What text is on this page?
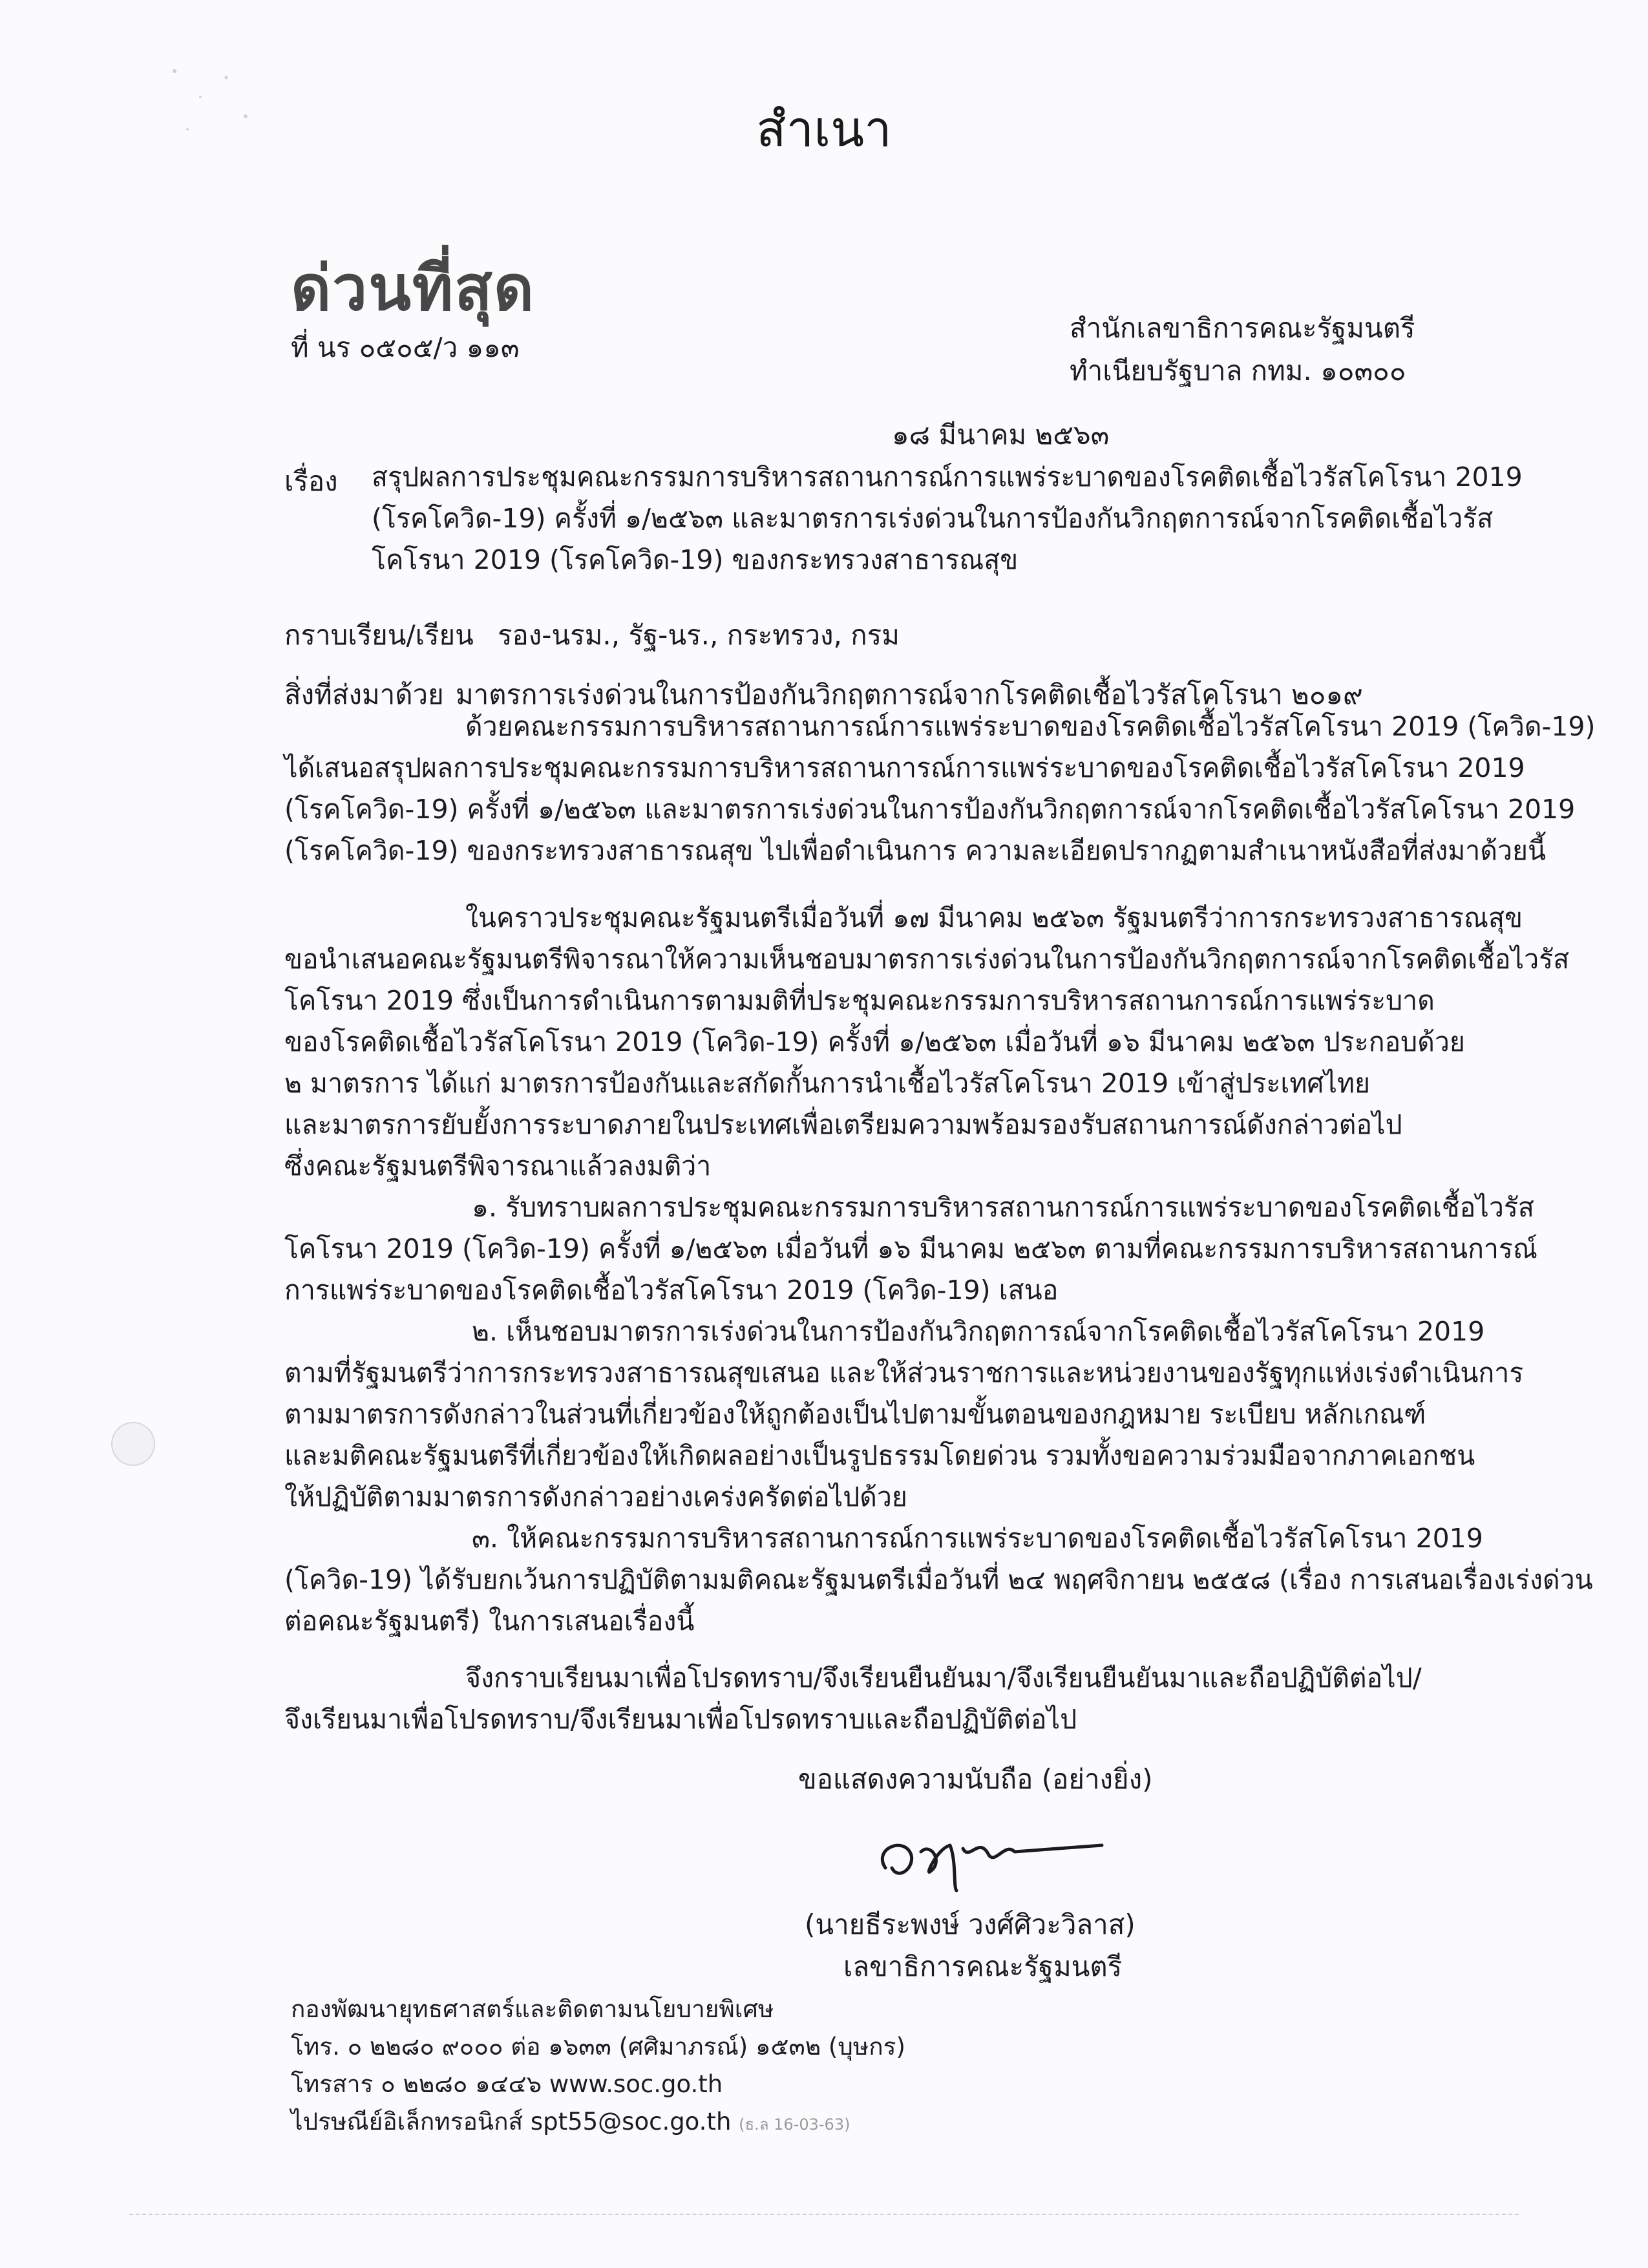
สำเนา
ด่วนที่สุด
ที่ นร ๐๕๐๕/ว ๑๑๓
สำนักเลขาธิการคณะรัฐมนตรี
ทำเนียบรัฐบาล กทม. ๑๐๓๐๐
๑๘ มีนาคม ๒๕๖๓
เรื่อง สรุปผลการประชุมคณะกรรมการบริหารสถานการณ์การแพร่ระบาดของโรคติดเชื้อไวรัสโคโรนา 2019
(โรคโควิด-19) ครั้งที่ ๑/๒๕๖๓ และมาตรการเร่งด่วนในการป้องกันวิกฤตการณ์จากโรคติดเชื้อไวรัส
โคโรนา 2019 (โรคโควิด-19) ของกระทรวงสาธารณสุข
กราบเรียน/เรียน รอง-นรม., รัฐ-นร., กระทรวง, กรม
สิ่งที่ส่งมาด้วย มาตรการเร่งด่วนในการป้องกันวิกฤตการณ์จากโรคติดเชื้อไวรัสโคโรนา ๒๐๑๙
ด้วยคณะกรรมการบริหารสถานการณ์การแพร่ระบาดของโรคติดเชื้อไวรัสโคโรนา 2019 (โควิด-19)
ได้เสนอสรุปผลการประชุมคณะกรรมการบริหารสถานการณ์การแพร่ระบาดของโรคติดเชื้อไวรัสโคโรนา 2019
(โรคโควิด-19) ครั้งที่ ๑/๒๕๖๓ และมาตรการเร่งด่วนในการป้องกันวิกฤตการณ์จากโรคติดเชื้อไวรัสโคโรนา 2019
(โรคโควิด-19) ของกระทรวงสาธารณสุข ไปเพื่อดำเนินการ ความละเอียดปรากฏตามสำเนาหนังสือที่ส่งมาด้วยนี้
ในคราวประชุมคณะรัฐมนตรีเมื่อวันที่ ๑๗ มีนาคม ๒๕๖๓ รัฐมนตรีว่าการกระทรวงสาธารณสุข
ขอนำเสนอคณะรัฐมนตรีพิจารณาให้ความเห็นชอบมาตรการเร่งด่วนในการป้องกันวิกฤตการณ์จากโรคติดเชื้อไวรัส
โคโรนา 2019 ซึ่งเป็นการดำเนินการตามมติที่ประชุมคณะกรรมการบริหารสถานการณ์การแพร่ระบาด
ของโรคติดเชื้อไวรัสโคโรนา 2019 (โควิด-19) ครั้งที่ ๑/๒๕๖๓ เมื่อวันที่ ๑๖ มีนาคม ๒๕๖๓ ประกอบด้วย
๒ มาตรการ ได้แก่ มาตรการป้องกันและสกัดกั้นการนำเชื้อไวรัสโคโรนา 2019 เข้าสู่ประเทศไทย
และมาตรการยับยั้งการระบาดภายในประเทศเพื่อเตรียมความพร้อมรองรับสถานการณ์ดังกล่าวต่อไป
ซึ่งคณะรัฐมนตรีพิจารณาแล้วลงมติว่า
๑. รับทราบผลการประชุมคณะกรรมการบริหารสถานการณ์การแพร่ระบาดของโรคติดเชื้อไวรัส
โคโรนา 2019 (โควิด-19) ครั้งที่ ๑/๒๕๖๓ เมื่อวันที่ ๑๖ มีนาคม ๒๕๖๓ ตามที่คณะกรรมการบริหารสถานการณ์
การแพร่ระบาดของโรคติดเชื้อไวรัสโคโรนา 2019 (โควิด-19) เสนอ
๒. เห็นชอบมาตรการเร่งด่วนในการป้องกันวิกฤตการณ์จากโรคติดเชื้อไวรัสโคโรนา 2019
ตามที่รัฐมนตรีว่าการกระทรวงสาธารณสุขเสนอ และให้ส่วนราชการและหน่วยงานของรัฐทุกแห่งเร่งดำเนินการ
ตามมาตรการดังกล่าวในส่วนที่เกี่ยวข้องให้ถูกต้องเป็นไปตามขั้นตอนของกฎหมาย ระเบียบ หลักเกณฑ์
และมติคณะรัฐมนตรีที่เกี่ยวข้องให้เกิดผลอย่างเป็นรูปธรรมโดยด่วน รวมทั้งขอความร่วมมือจากภาคเอกชน
ให้ปฏิบัติตามมาตรการดังกล่าวอย่างเคร่งครัดต่อไปด้วย
๓. ให้คณะกรรมการบริหารสถานการณ์การแพร่ระบาดของโรคติดเชื้อไวรัสโคโรนา 2019
(โควิด-19) ได้รับยกเว้นการปฏิบัติตามมติคณะรัฐมนตรีเมื่อวันที่ ๒๔ พฤศจิกายน ๒๕๕๘ (เรื่อง การเสนอเรื่องเร่งด่วน
ต่อคณะรัฐมนตรี) ในการเสนอเรื่องนี้
จึงกราบเรียนมาเพื่อโปรดทราบ/จึงเรียนยืนยันมา/จึงเรียนยืนยันมาและถือปฏิบัติต่อไป/
จึงเรียนมาเพื่อโปรดทราบ/จึงเรียนมาเพื่อโปรดทราบและถือปฏิบัติต่อไป
ขอแสดงความนับถือ (อย่างยิ่ง)
(นายธีระพงษ์ วงศ์ศิวะวิลาส)
เลขาธิการคณะรัฐมนตรี
กองพัฒนายุทธศาสตร์และติดตามนโยบายพิเศษ
โทร. ๐ ๒๒๘๐ ๙๐๐๐ ต่อ ๑๖๓๓ (ศศิมาภรณ์) ๑๕๓๒ (บุษกร)
โทรสาร ๐ ๒๒๘๐ ๑๔๔๖ www.soc.go.th
ไปรษณีย์อิเล็กทรอนิกส์ spt55@soc.go.th (ธ.ล 16-03-63)
